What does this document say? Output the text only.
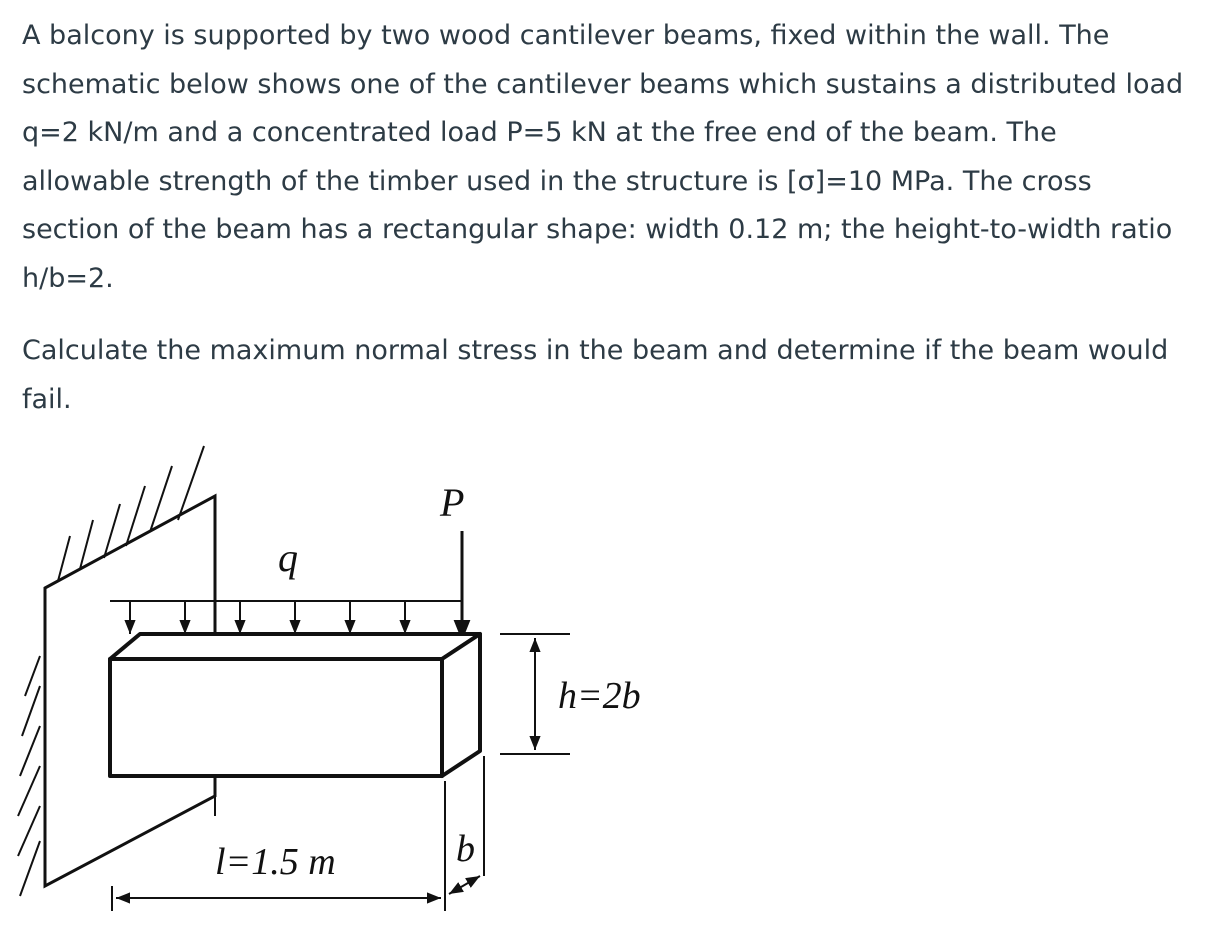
A balcony is supported by two wood cantilever beams, fixed within the wall. The schematic below shows one of the cantilever beams which sustains a distributed load q=2 kN/m and a concentrated load P=5 kN at the free end of the beam. The allowable strength of the timber used in the structure is [σ]=10 MPa. The cross section of the beam has a rectangular shape: width 0.12 m; the height-to-width ratio h/b=2.

Calculate the maximum normal stress in the beam and determine if the beam would fail.

q
P
h=2b
l=1.5 m	b
